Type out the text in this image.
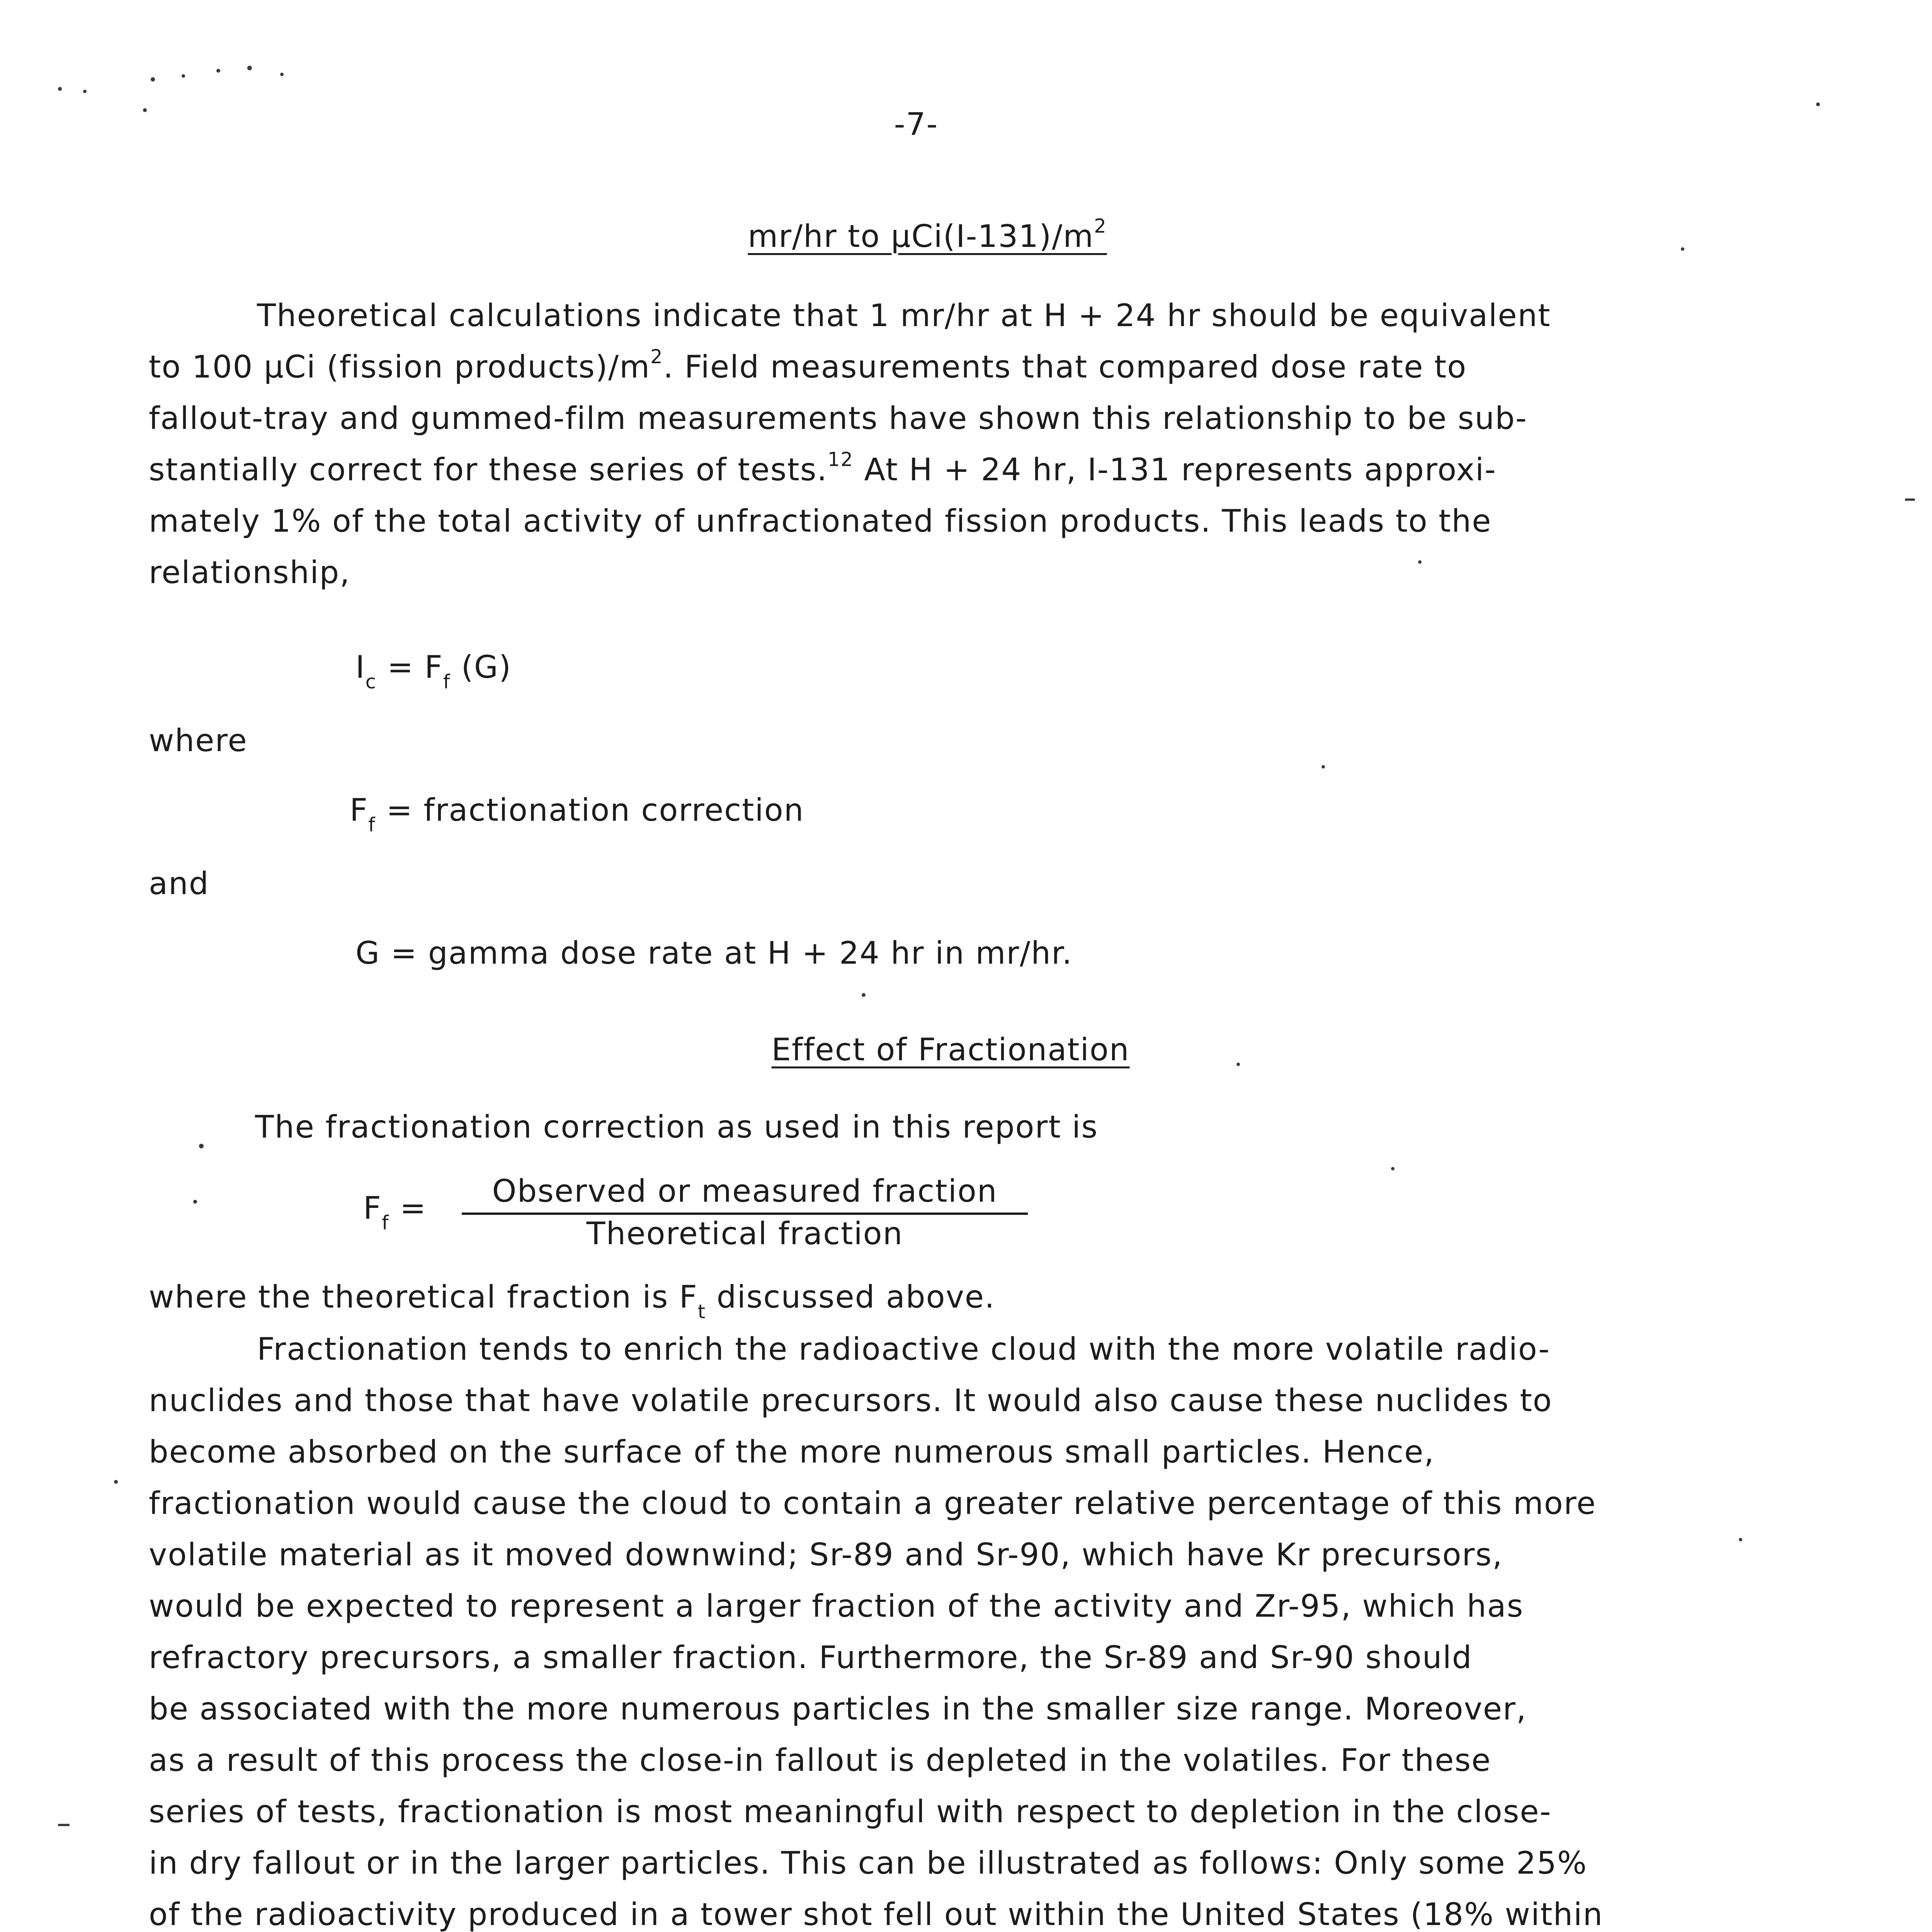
-7-
mr/hr to $\mu Ci(I-131)/m^2$
Theoretical calculations indicate that 1 mr/hr at H + 24 hr should be equivalent
to 100 μCi (fission $products)/m^2$. Field measurements that compared dose rate to
fallout-tray and gummed-film measurements have shown this relationship to be sub-
stantially correct for these series of tests.$^{12}$ At H + 24 hr, I-131 represents approxi-
mately 1% of the total activity of unfractionated fission products. This leads to the
relationship,
$I_c = F_f$ (G)
where
$F_f$ = fractionation correction
and
G = gamma dose rate at H + 24 hr in mr/hr.
Effect of Fractionation
The fractionation correction as used in this report is
$F_f$ =	Observed or measured fraction
Theoretical fraction
where the theoretical fraction is $F_t$ discussed above.
Fractionation tends to enrich the radioactive cloud with the more volatile radio-
nuclides and those that have volatile precursors. It would also cause these nuclides to
become absorbed on the surface of the more numerous small particles. Hence,
fractionation would cause the cloud to contain a greater relative percentage of this more
volatile material as it moved downwind; Sr-89 and Sr-90, which have Kr precursors,
would be expected to represent a larger fraction of the activity and Zr-95, which has
refractory precursors, a smaller fraction. Furthermore, the Sr-89 and Sr-90 should
be associated with the more numerous particles in the smaller size range. Moreover,
as a result of this process the close-in fallout is depleted in the volatiles. For these
series of tests, fractionation is most meaningful with respect to depletion in the close-
in dry fallout or in the larger particles. This can be illustrated as follows: Only some 25%
of the radioactivity produced in a tower shot fell out within the United States (18% within
